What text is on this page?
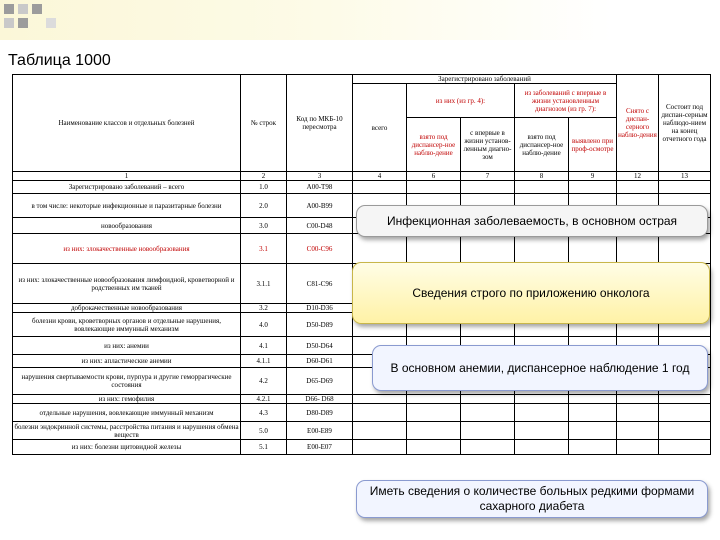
Таблица 1000
Наименование классов и отдельных болезней	№ строк	Код по МКБ-10 пересмотра	Зарегистрировано заболеваний					Снято с диспан-серного наблю-дения	Состоит под диспан-серным наблюдо-нием на конец отчетного года
			всего	из них (из гр. 4):		из заболеваний с впервые в жизни установленным диагнозом (из гр. 7):			
				взято под диспансер-ное наблю-дение	с впервые в жизни установ-ленным диагно-зом	взято под диспансер-ное наблю-дение	выявлено при проф-осмотре		

1	2	3	4	6	7	8	9	12	13
Зарегистрировано заболеваний – всего	1.0	A00-T98							
в том числе: некоторые инфекционные и паразитарные болезни	2.0	A00-B99							
новообразования	3.0	C00-D48							
из них: злокачественные новообразования	3.1	C00-C96							
из них: злокачественные новообразования лимфоидной, кроветворной и родственных им тканей	3.1.1	C81-C96							
доброкачественные новообразования	3.2	D10-D36							
болезни крови, кроветворных органов и отдельные нарушения, вовлекающие иммунный механизм	4.0	D50-D89							
из них: анемии	4.1	D50-D64							
из них: апластические анемии	4.1.1	D60-D61							
нарушения свертываемости крови, пурпура и другие геморрагические состояния	4.2	D65-D69							
из них: гемофилия	4.2.1	D66- D68							
отдельные нарушения, вовлекающие иммунный механизм	4.3	D80-D89							
болезни эндокринной системы, расстройства питания и нарушения обмена веществ	5.0	E00-E89							
из них: болезни щитовидной железы	5.1	E00-E07							
Инфекционная заболеваемость, в основном острая
Сведения строго по приложению онколога
В основном анемии, диспансерное наблюдение 1 год
Иметь сведения о количестве больных редкими формами сахарного диабета
